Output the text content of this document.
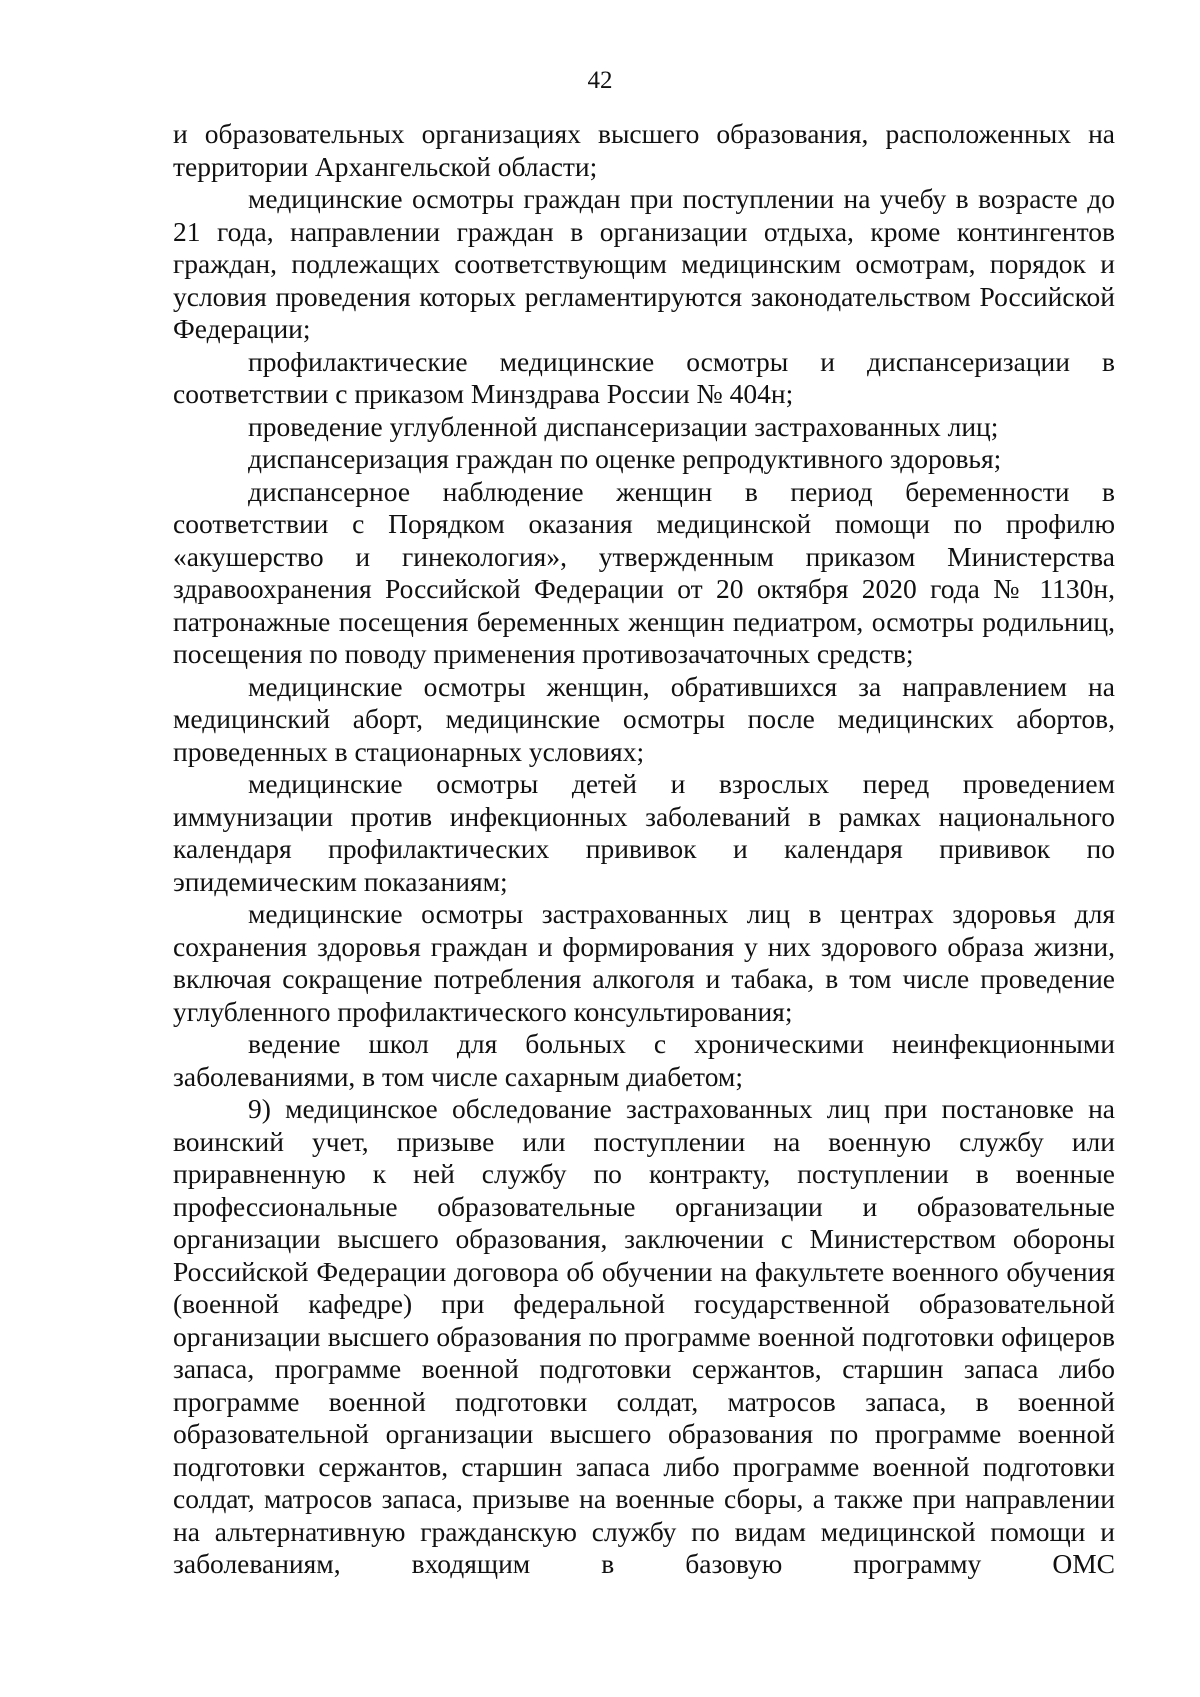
42

и образовательных организациях высшего образования, расположенных на территории Архангельской области;

медицинские осмотры граждан при поступлении на учебу в возрасте до 21 года, направлении граждан в организации отдыха, кроме контингентов граждан, подлежащих соответствующим медицинским осмотрам, порядок и условия проведения которых регламентируются законодательством Российской Федерации;

профилактические медицинские осмотры и диспансеризации в соответствии с приказом Минздрава России № 404н;

проведение углубленной диспансеризации застрахованных лиц;

диспансеризация граждан по оценке репродуктивного здоровья;

диспансерное наблюдение женщин в период беременности в соответствии с Порядком оказания медицинской помощи по профилю «акушерство и гинекология», утвержденным приказом Министерства здравоохранения Российской Федерации от 20 октября 2020 года № 1130н, патронажные посещения беременных женщин педиатром, осмотры родильниц, посещения по поводу применения противозачаточных средств;

медицинские осмотры женщин, обратившихся за направлением на медицинский аборт, медицинские осмотры после медицинских абортов, проведенных в стационарных условиях;

медицинские осмотры детей и взрослых перед проведением иммунизации против инфекционных заболеваний в рамках национального календаря профилактических прививок и календаря прививок по эпидемическим показаниям;

медицинские осмотры застрахованных лиц в центрах здоровья для сохранения здоровья граждан и формирования у них здорового образа жизни, включая сокращение потребления алкоголя и табака, в том числе проведение углубленного профилактического консультирования;

ведение школ для больных с хроническими неинфекционными заболеваниями, в том числе сахарным диабетом;

9) медицинское обследование застрахованных лиц при постановке на воинский учет, призыве или поступлении на военную службу или приравненную к ней службу по контракту, поступлении в военные профессиональные образовательные организации и образовательные организации высшего образования, заключении с Министерством обороны Российской Федерации договора об обучении на факультете военного обучения (военной кафедре) при федеральной государственной образовательной организации высшего образования по программе военной подготовки офицеров запаса, программе военной подготовки сержантов, старшин запаса либо программе военной подготовки солдат, матросов запаса, в военной образовательной организации высшего образования по программе военной подготовки сержантов, старшин запаса либо программе военной подготовки солдат, матросов запаса, призыве на военные сборы, а также при направлении на альтернативную гражданскую службу по видам медицинской помощи и заболеваниям, входящим в базовую программу ОМС
